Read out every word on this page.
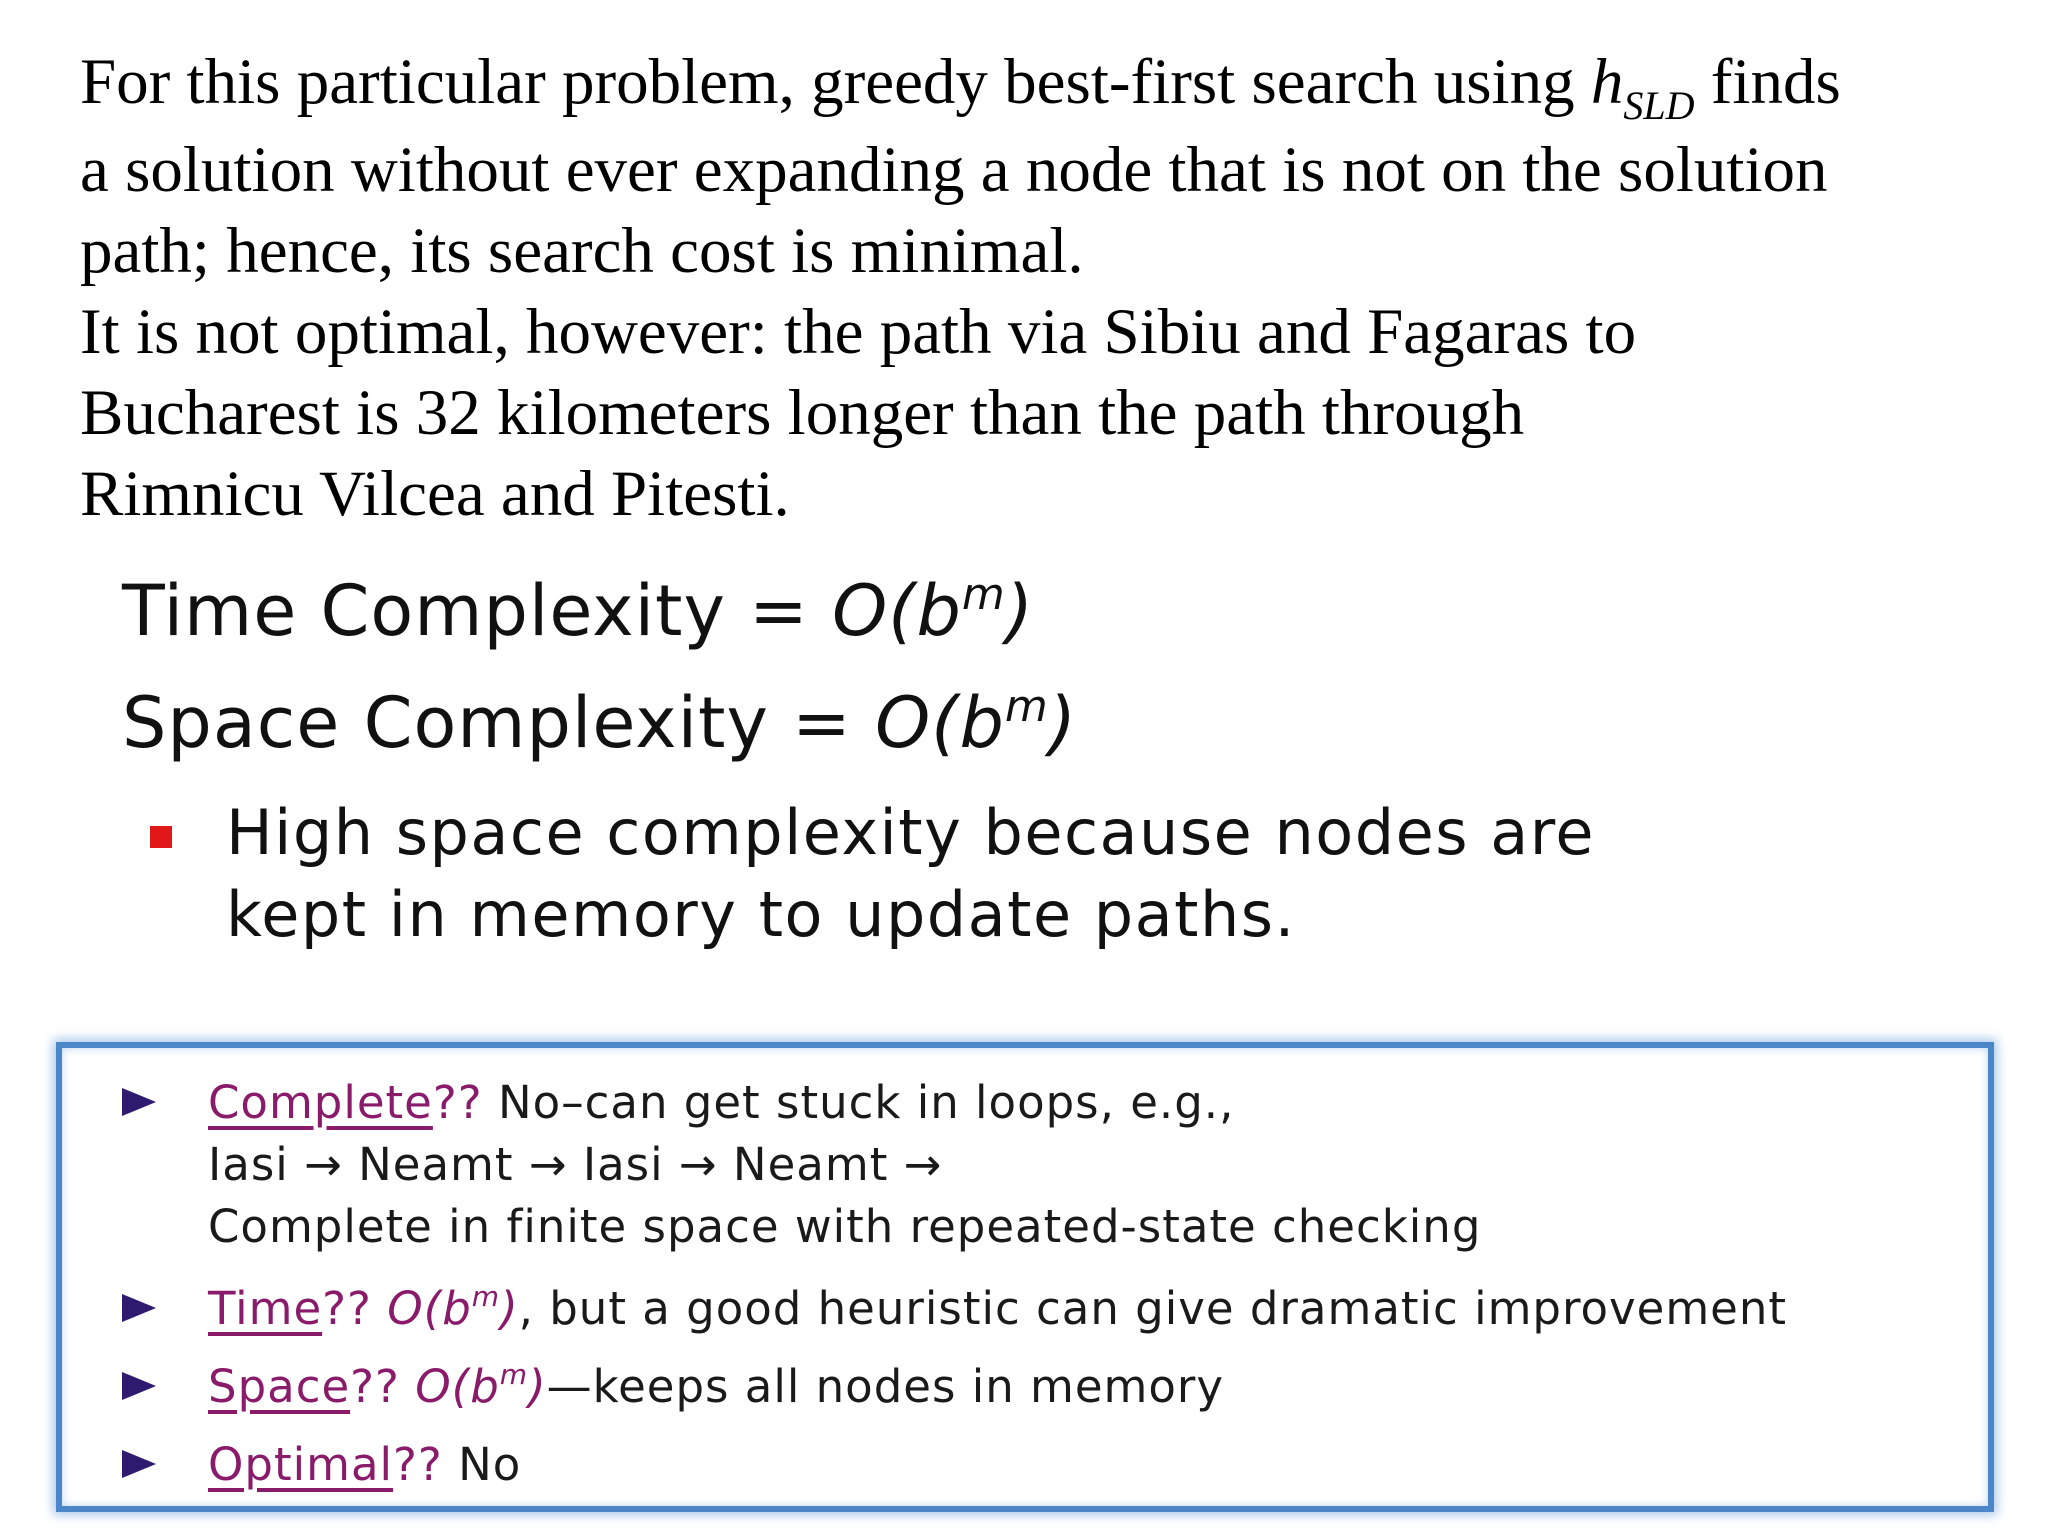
For this particular problem, greedy best-first search using $h_{SLD}$ finds
a solution without ever expanding a node that is not on the solution
path; hence, its search cost is minimal.
It is not optimal, however: the path via Sibiu and Fagaras to
Bucharest is 32 kilometers longer than the path through
Rimnicu Vilcea and Pitesti.
Time Complexity = $O(b^m)$
Space Complexity = $O(b^m)$
High space complexity because nodes are
kept in memory to update paths.
Complete?? No–can get stuck in loops, e.g.,
Iasi → Neamt → Iasi → Neamt →
Complete in finite space with repeated-state checking
Time?? $O(b^m)$, but a good heuristic can give dramatic improvement
Space?? $O(b^m)—keeps$ all nodes in memory
Optimal?? No
